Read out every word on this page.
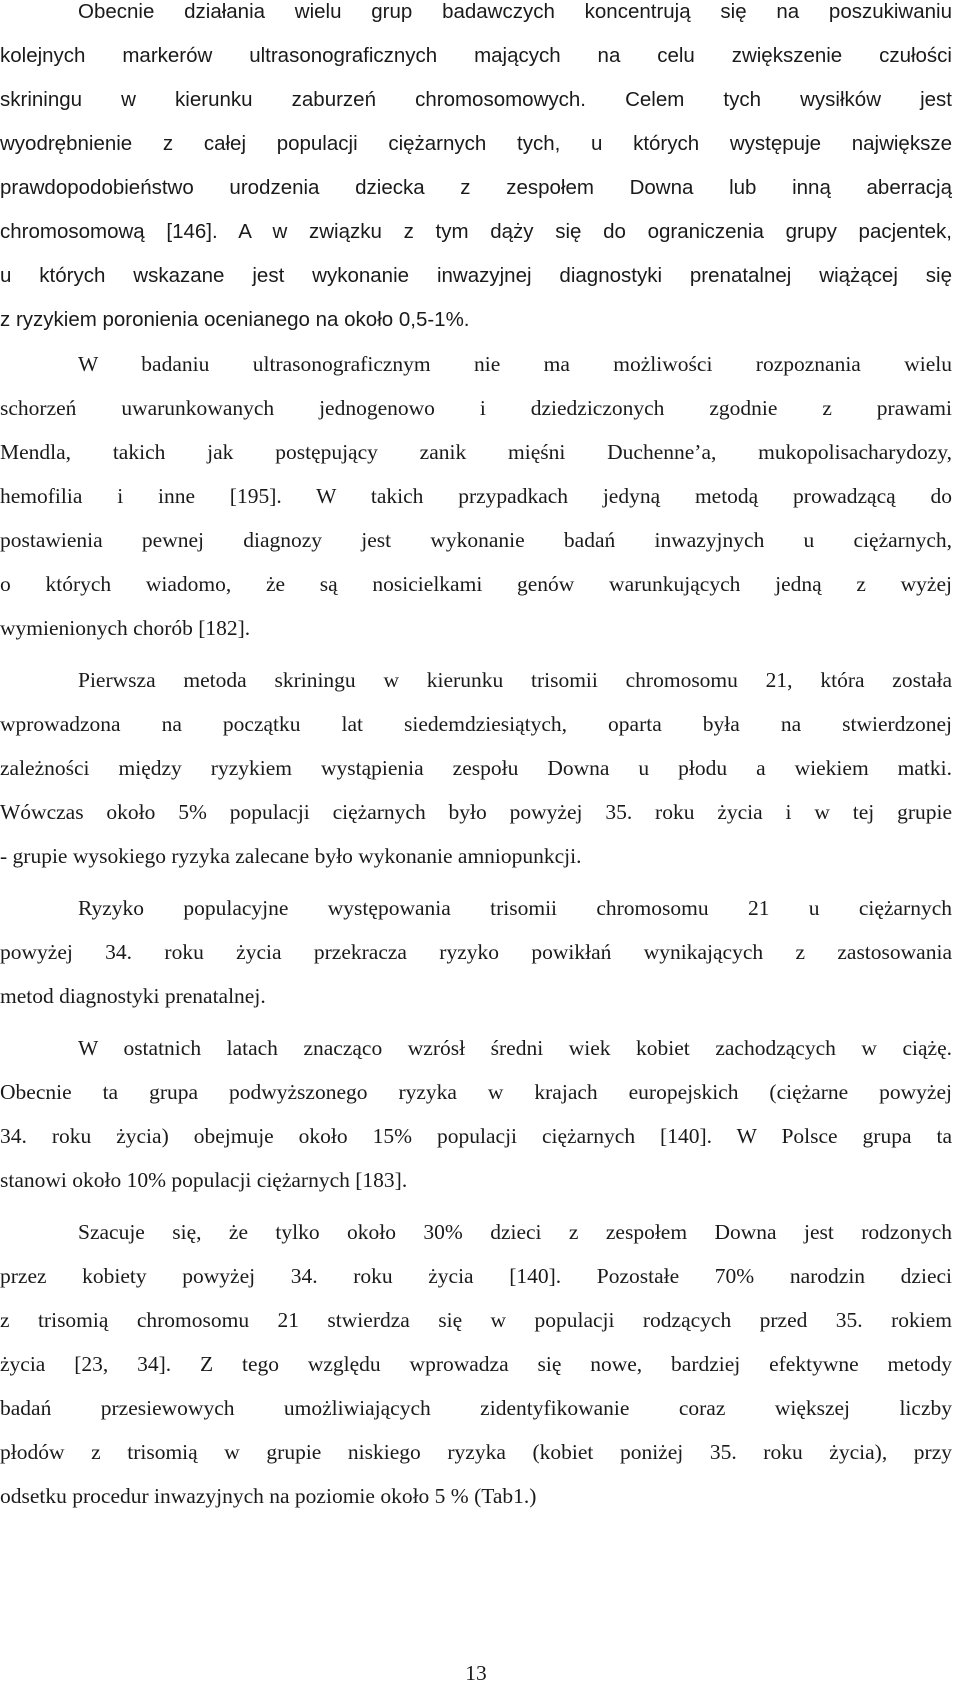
Obecnie działania wielu grup badawczych koncentrują się na poszukiwaniu
kolejnych markerów ultrasonograficznych mających na celu zwiększenie czułości
skriningu w kierunku zaburzeń chromosomowych. Celem tych wysiłków jest
wyodrębnienie z całej populacji ciężarnych tych, u których występuje największe
prawdopodobieństwo urodzenia dziecka z zespołem Downa lub inną aberracją
chromosomową [146]. A w związku z tym dąży się do ograniczenia grupy pacjentek,
u których wskazane jest wykonanie inwazyjnej diagnostyki prenatalnej wiążącej się
z ryzykiem poronienia ocenianego na około 0,5-1%.
W badaniu ultrasonograficznym nie ma możliwości rozpoznania wielu
schorzeń uwarunkowanych jednogenowo i dziedziczonych zgodnie z prawami
Mendla, takich jak postępujący zanik mięśni Duchenne’a, mukopolisacharydozy,
hemofilia i inne [195]. W takich przypadkach jedyną metodą prowadzącą do
postawienia pewnej diagnozy jest wykonanie badań inwazyjnych u ciężarnych,
o których wiadomo, że są nosicielkami genów warunkujących jedną z wyżej
wymienionych chorób [182].
Pierwsza metoda skriningu w kierunku trisomii chromosomu 21, która została
wprowadzona na początku lat siedemdziesiątych, oparta była na stwierdzonej
zależności między ryzykiem wystąpienia zespołu Downa u płodu a wiekiem matki.
Wówczas około 5% populacji ciężarnych było powyżej 35. roku życia i w tej grupie
- grupie wysokiego ryzyka zalecane było wykonanie amniopunkcji.
Ryzyko populacyjne występowania trisomii chromosomu 21 u ciężarnych
powyżej 34. roku życia przekracza ryzyko powikłań wynikających z zastosowania
metod diagnostyki prenatalnej.
W ostatnich latach znacząco wzrósł średni wiek kobiet zachodzących w ciążę.
Obecnie ta grupa podwyższonego ryzyka w krajach europejskich (ciężarne powyżej
34. roku życia) obejmuje około 15% populacji ciężarnych [140]. W Polsce grupa ta
stanowi około 10% populacji ciężarnych [183].
Szacuje się, że tylko około 30% dzieci z zespołem Downa jest rodzonych
przez kobiety powyżej 34. roku życia [140]. Pozostałe 70% narodzin dzieci
z trisomią chromosomu 21 stwierdza się w populacji rodzących przed 35. rokiem
życia [23, 34]. Z tego względu wprowadza się nowe, bardziej efektywne metody
badań przesiewowych umożliwiających zidentyfikowanie coraz większej liczby
płodów z trisomią w grupie niskiego ryzyka (kobiet poniżej 35. roku życia), przy
odsetku procedur inwazyjnych na poziomie około 5 % (Tab1.)
13
